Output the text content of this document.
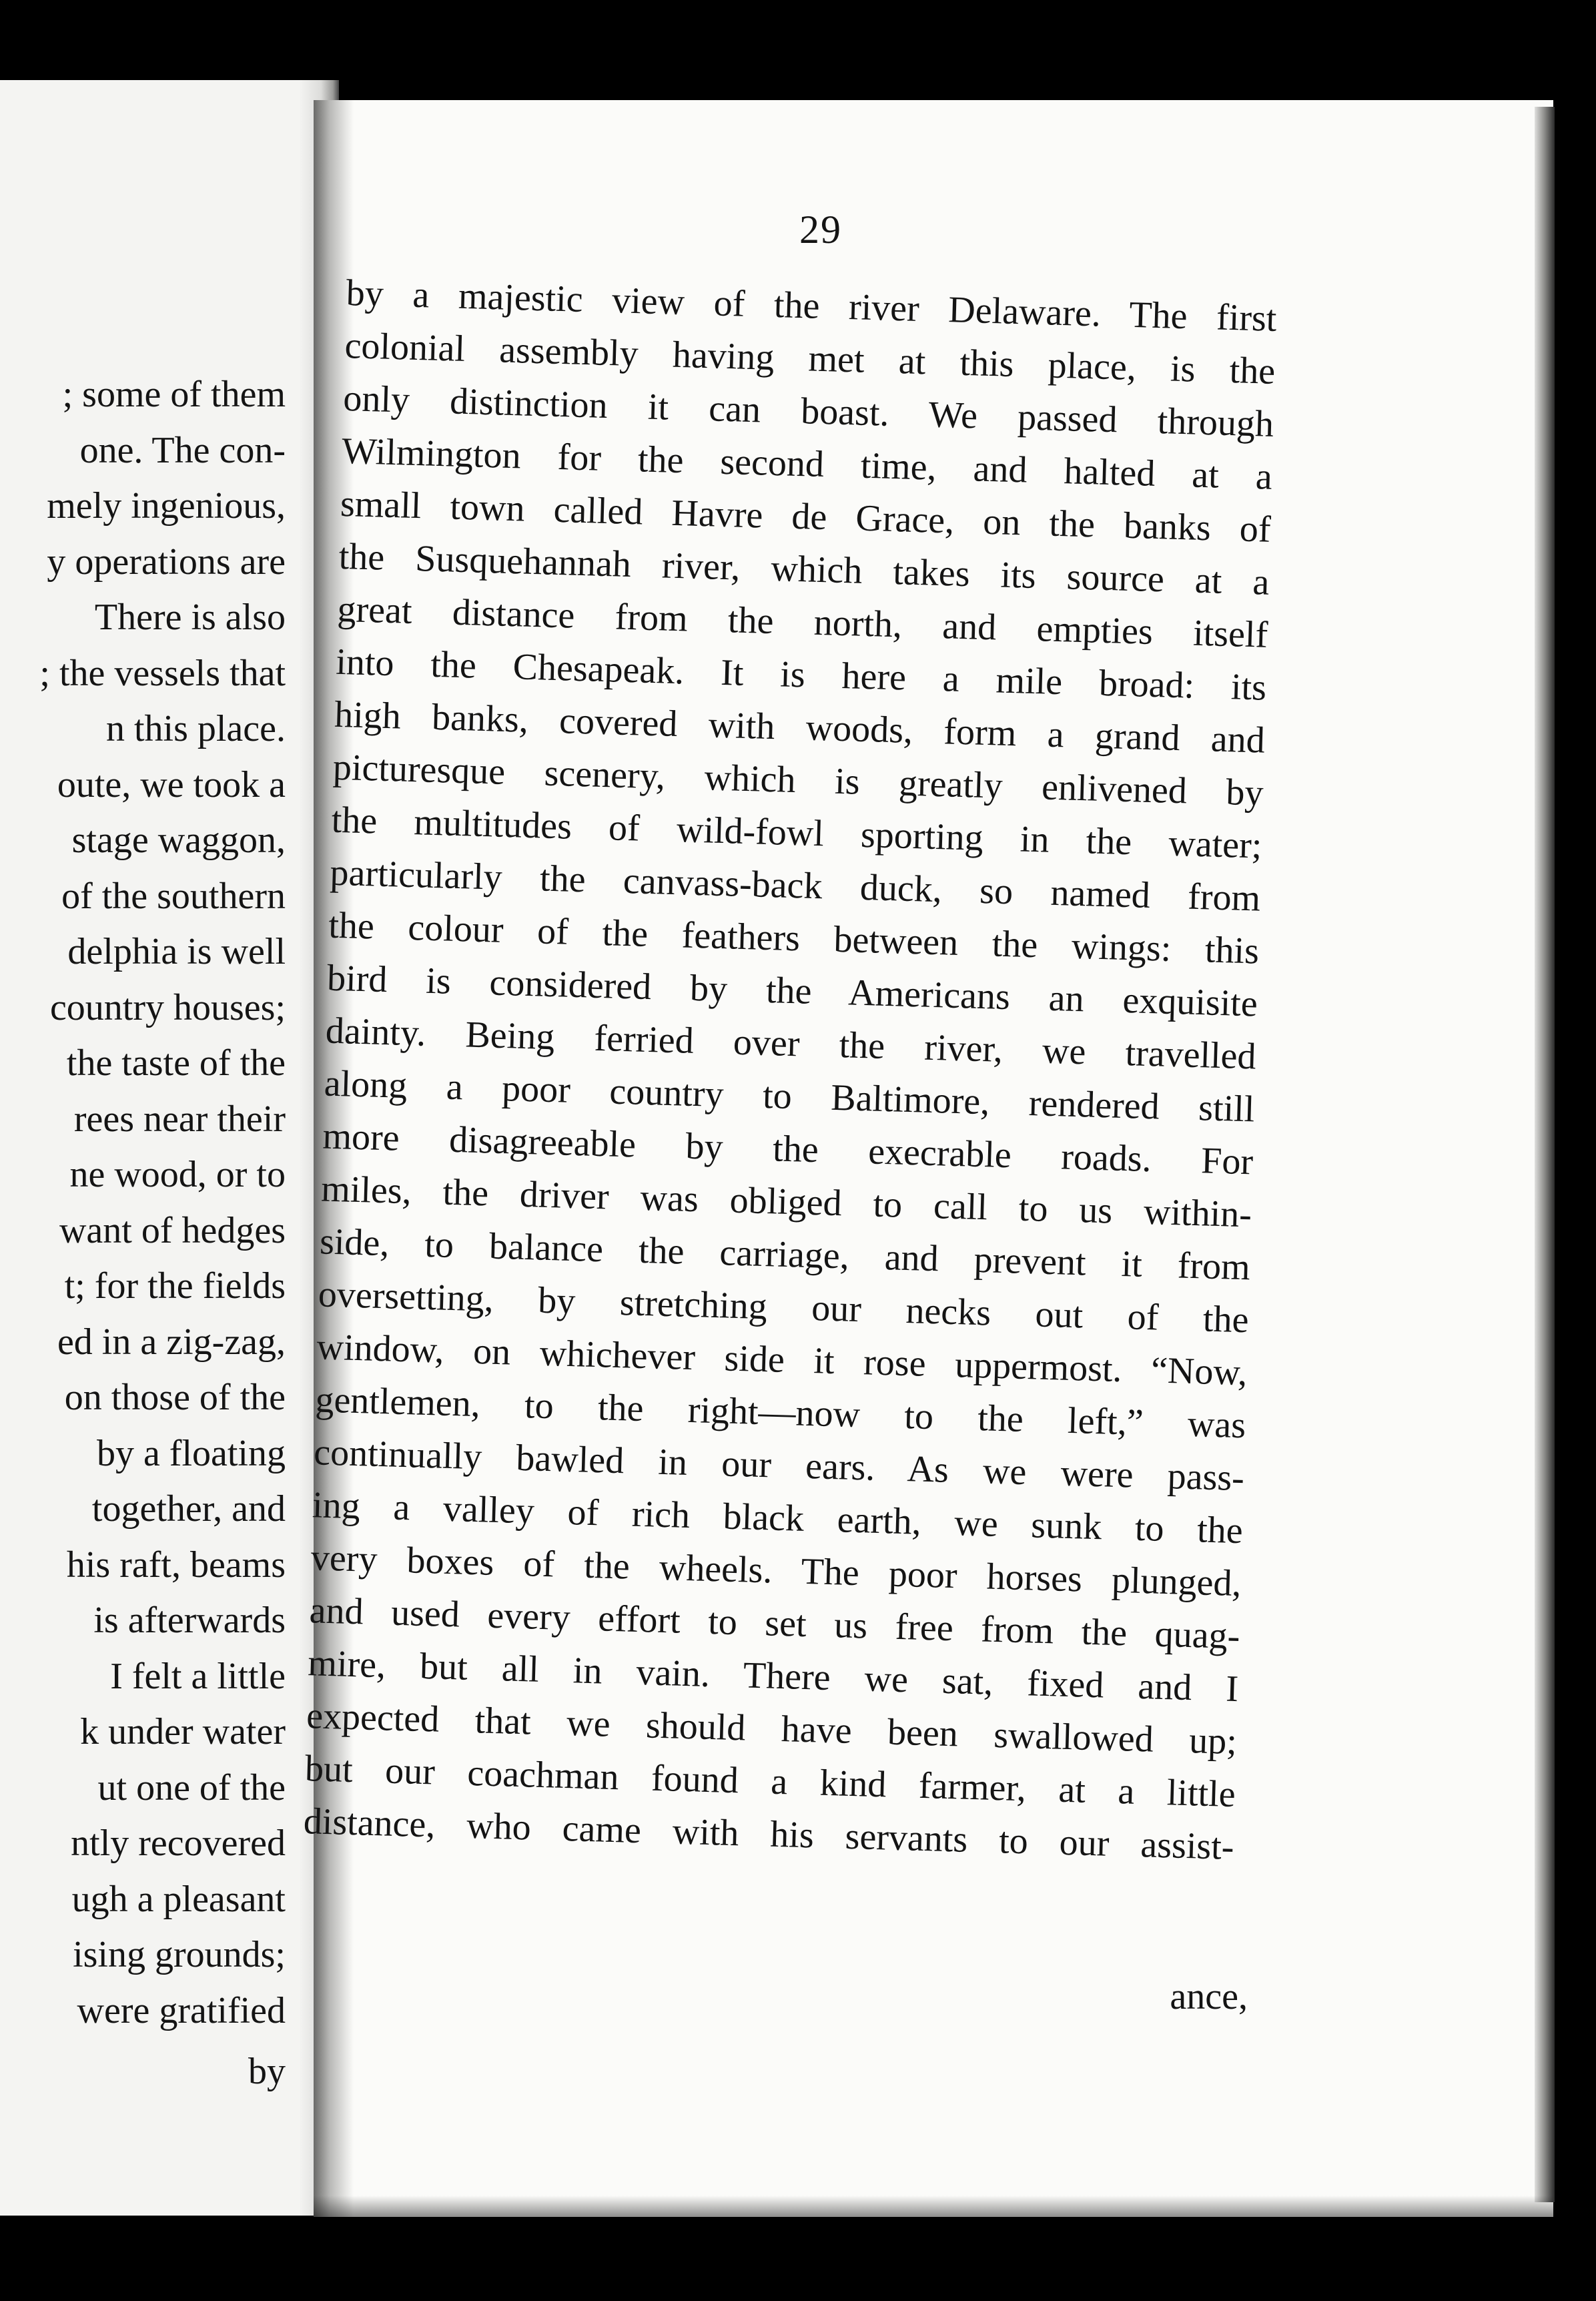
; some of them
one. The con-
mely ingenious,
y operations are
There is also
; the vessels that
n this place.
oute, we took a
stage waggon,
of the southern
delphia is well
country houses;
the taste of the
rees near their
ne wood, or to
want of hedges
t; for the fields
ed in a zig-zag,
on those of the
by a floating
together, and
his raft, beams
is afterwards
I felt a little
k under water
ut one of the
ntly recovered
ugh a pleasant
ising grounds;
were gratified
by
29
by a majestic view of the river Delaware. The first
colonial assembly having met at this place, is the
only distinction it can boast. We passed through
Wilmington for the second time, and halted at a
small town called Havre de Grace, on the banks of
the Susquehannah river, which takes its source at a
great distance from the north, and empties itself
into the Chesapeak. It is here a mile broad: its
high banks, covered with woods, form a grand and
picturesque scenery, which is greatly enlivened by
the multitudes of wild-fowl sporting in the water;
particularly the canvass-back duck, so named from
the colour of the feathers between the wings: this
bird is considered by the Americans an exquisite
dainty. Being ferried over the river, we travelled
along a poor country to Baltimore, rendered still
more disagreeable by the execrable roads. For
miles, the driver was obliged to call to us within-
side, to balance the carriage, and prevent it from
oversetting, by stretching our necks out of the
window, on whichever side it rose uppermost. “Now,
gentlemen, to the right—now to the left,” was
continually bawled in our ears. As we were pass-
ing a valley of rich black earth, we sunk to the
very boxes of the wheels. The poor horses plunged,
and used every effort to set us free from the quag-
mire, but all in vain. There we sat, fixed and I
expected that we should have been swallowed up;
but our coachman found a kind farmer, at a little
distance, who came with his servants to our assist-
ance,
